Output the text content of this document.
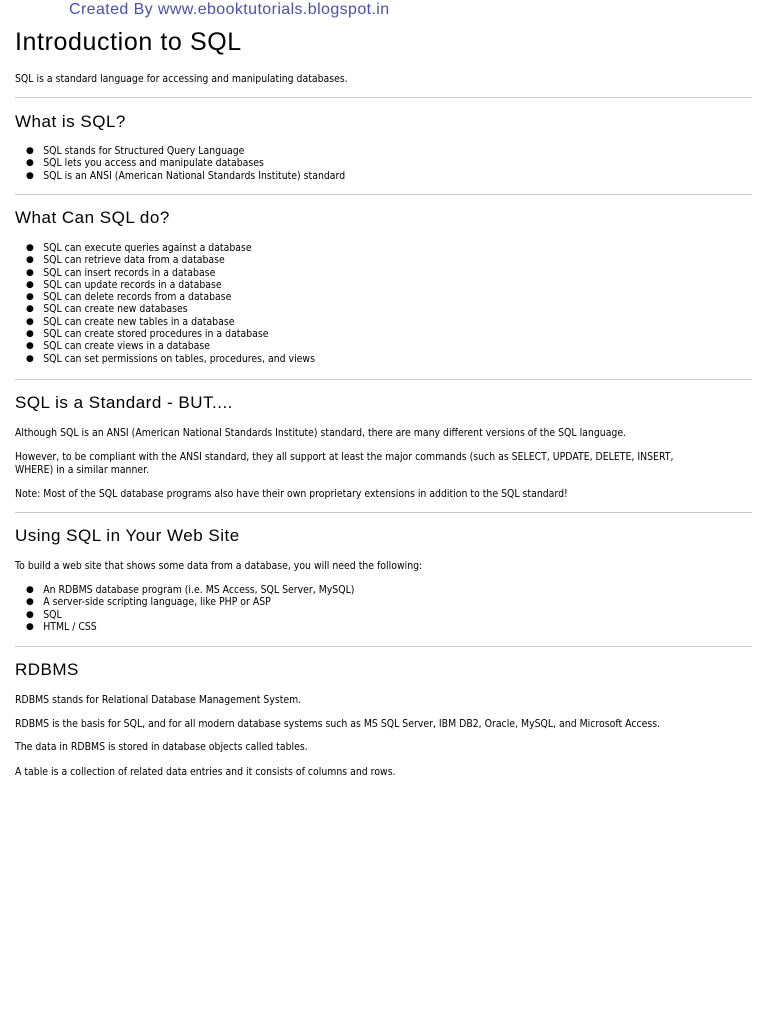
Created By www.ebooktutorials.blogspot.in
Introduction to SQL

SQL is a standard language for accessing and manipulating databases.

What is SQL?
● SQL stands for Structured Query Language
● SQL lets you access and manipulate databases
● SQL is an ANSI (American National Standards Institute) standard
What Can SQL do?
● SQL can execute queries against a database
● SQL can retrieve data from a database
● SQL can insert records in a database
● SQL can update records in a database
● SQL can delete records from a database
● SQL can create new databases
● SQL can create new tables in a database
● SQL can create stored procedures in a database
● SQL can create views in a database
● SQL can set permissions on tables, procedures, and views
SQL is a Standard - BUT....

Although SQL is an ANSI (American National Standards Institute) standard, there are many different versions of the SQL language.

However, to be compliant with the ANSI standard, they all support at least the major commands (such as SELECT, UPDATE, DELETE, INSERT, WHERE) in a similar manner.

Note: Most of the SQL database programs also have their own proprietary extensions in addition to the SQL standard!

Using SQL in Your Web Site

To build a web site that shows some data from a database, you will need the following:

● An RDBMS database program (i.e. MS Access, SQL Server, MySQL)
● A server-side scripting language, like PHP or ASP
● SQL
● HTML / CSS
RDBMS

RDBMS stands for Relational Database Management System.

RDBMS is the basis for SQL, and for all modern database systems such as MS SQL Server, IBM DB2, Oracle, MySQL, and Microsoft Access.

The data in RDBMS is stored in database objects called tables.

A table is a collection of related data entries and it consists of columns and rows.
